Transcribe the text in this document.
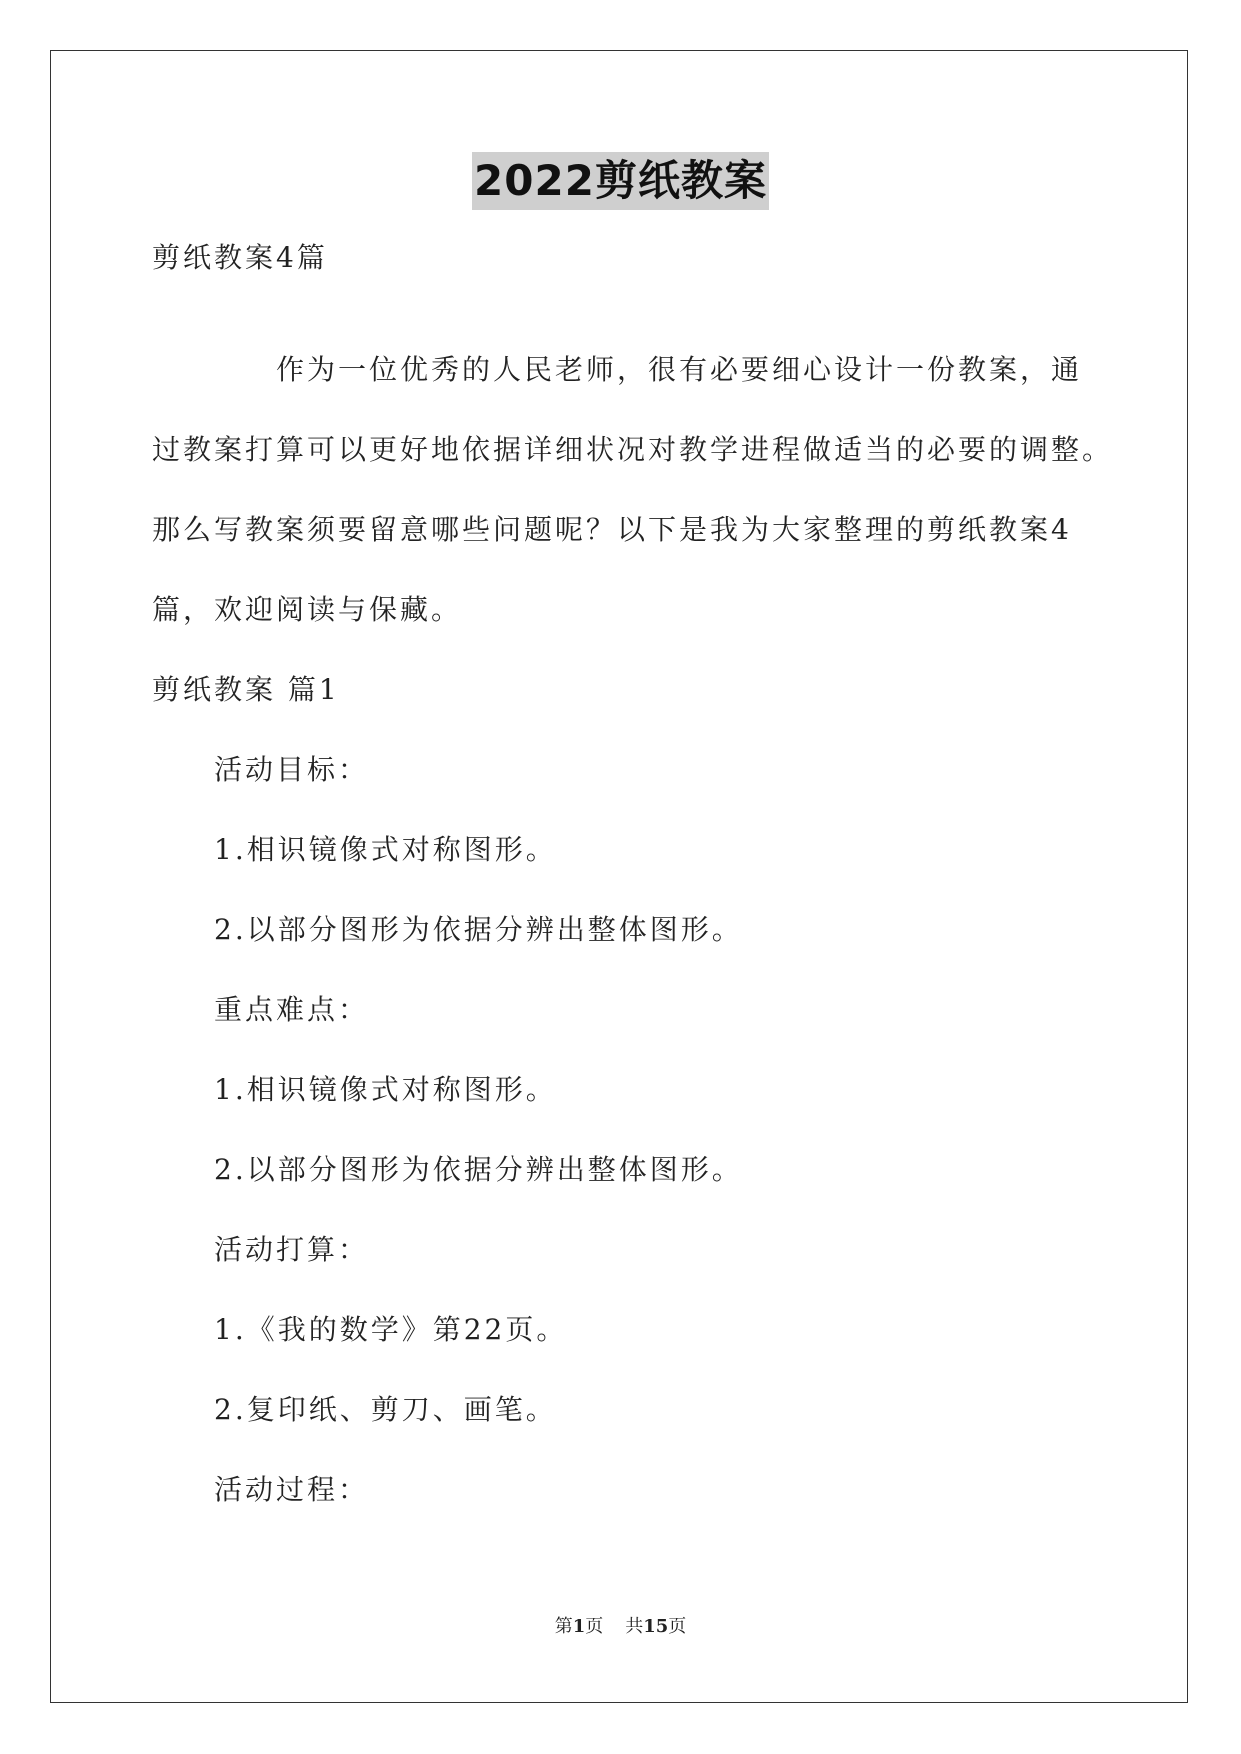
2022剪纸教案
剪纸教案4篇
作为一位优秀的人民老师，很有必要细心设计一份教案，通
过教案打算可以更好地依据详细状况对教学进程做适当的必要的调整。
那么写教案须要留意哪些问题呢？以下是我为大家整理的剪纸教案4
篇，欢迎阅读与保藏。
剪纸教案 篇1
活动目标：
1.相识镜像式对称图形。
2.以部分图形为依据分辨出整体图形。
重点难点：
1.相识镜像式对称图形。
2.以部分图形为依据分辨出整体图形。
活动打算：
1.《我的数学》第22页。
2.复印纸、剪刀、画笔。
活动过程：
第1页 共15页
